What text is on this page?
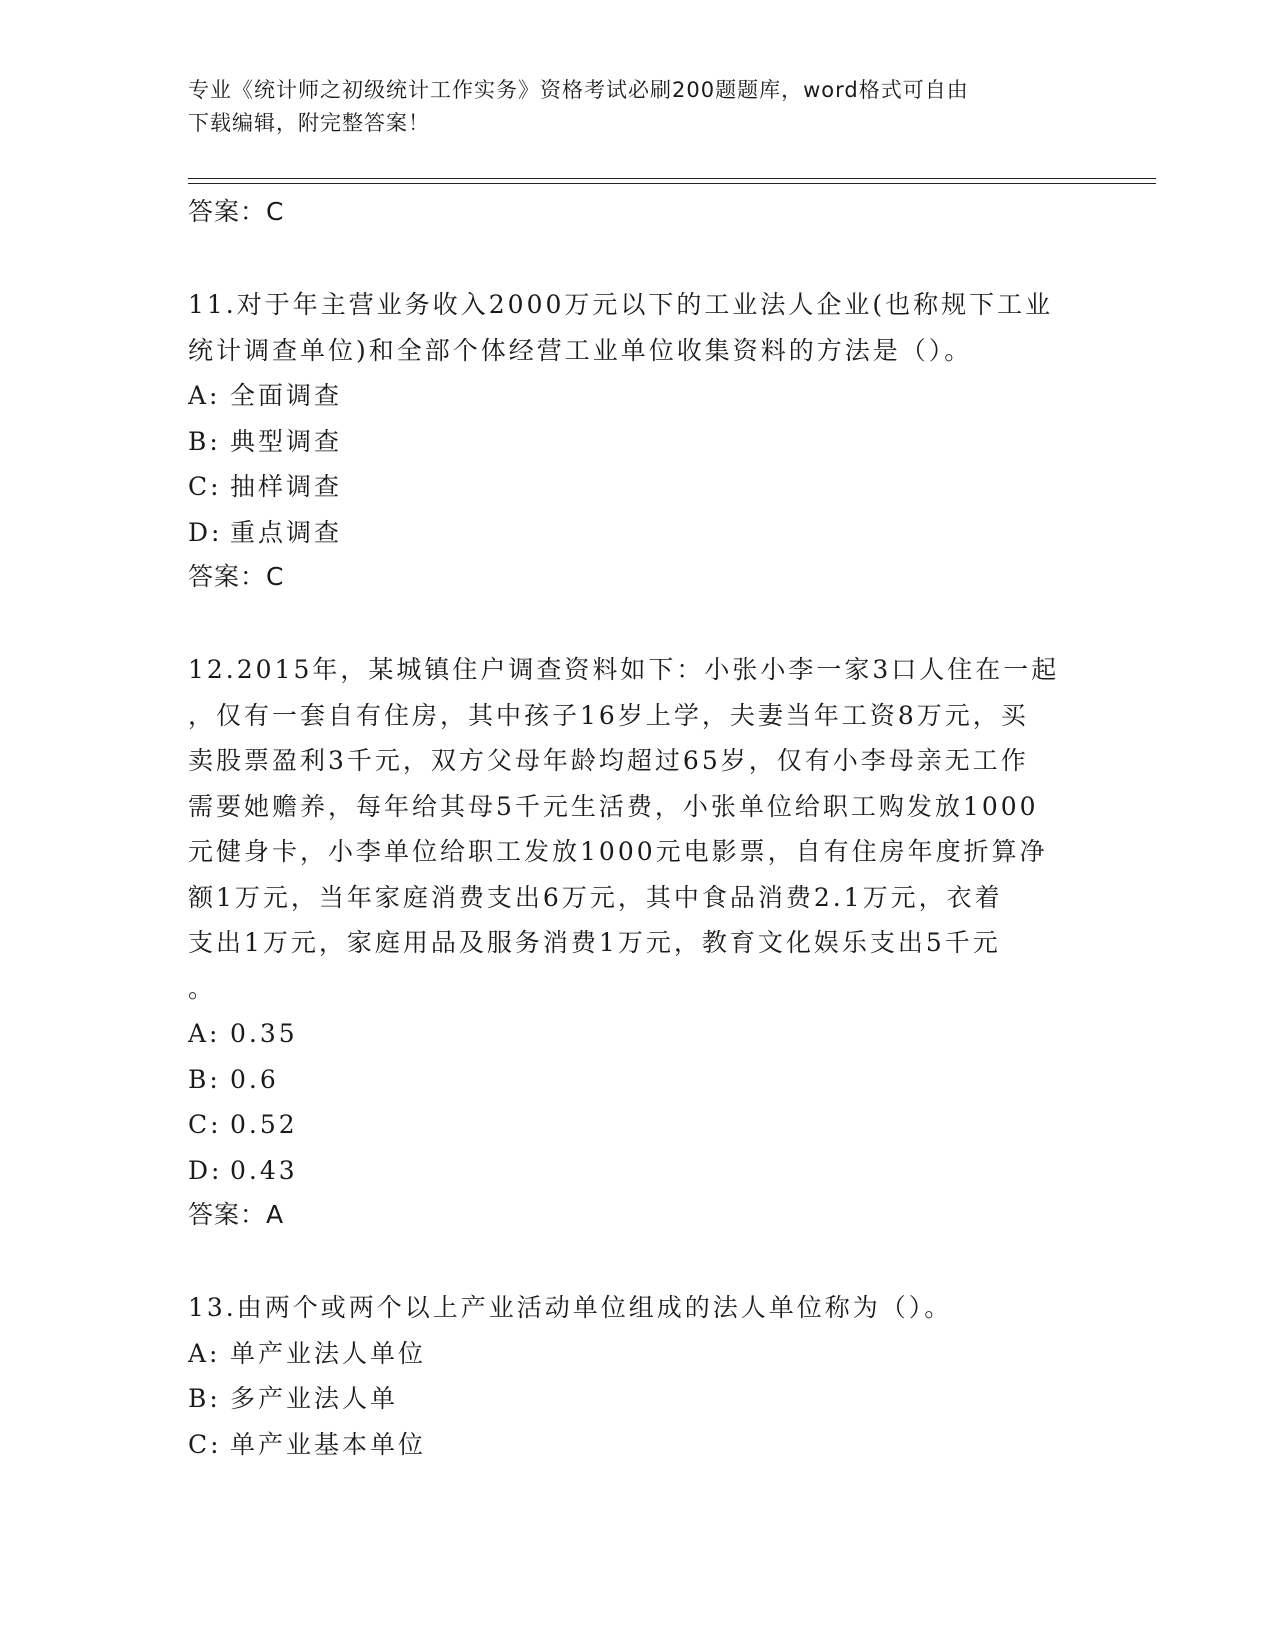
专业《统计师之初级统计工作实务》资格考试必刷200题题库，word格式可自由
下载编辑，附完整答案！
答案：C
11.对于年主营业务收入2000万元以下的工业法人企业(也称规下工业
统计调查单位)和全部个体经营工业单位收集资料的方法是（）。
A: 全面调查
B: 典型调查
C: 抽样调查
D: 重点调查
答案：C
12.2015年，某城镇住户调查资料如下：小张小李一家3口人住在一起
，仅有一套自有住房，其中孩子16岁上学，夫妻当年工资8万元，买
卖股票盈利3千元，双方父母年龄均超过65岁，仅有小李母亲无工作
需要她赡养，每年给其母5千元生活费，小张单位给职工购发放1000
元健身卡，小李单位给职工发放1000元电影票，自有住房年度折算净
额1万元，当年家庭消费支出6万元，其中食品消费2.1万元，衣着
支出1万元，家庭用品及服务消费1万元，教育文化娱乐支出5千元
。
A: 0.35
B: 0.6
C: 0.52
D: 0.43
答案：A
13.由两个或两个以上产业活动单位组成的法人单位称为（）。
A: 单产业法人单位
B: 多产业法人单
C: 单产业基本单位
